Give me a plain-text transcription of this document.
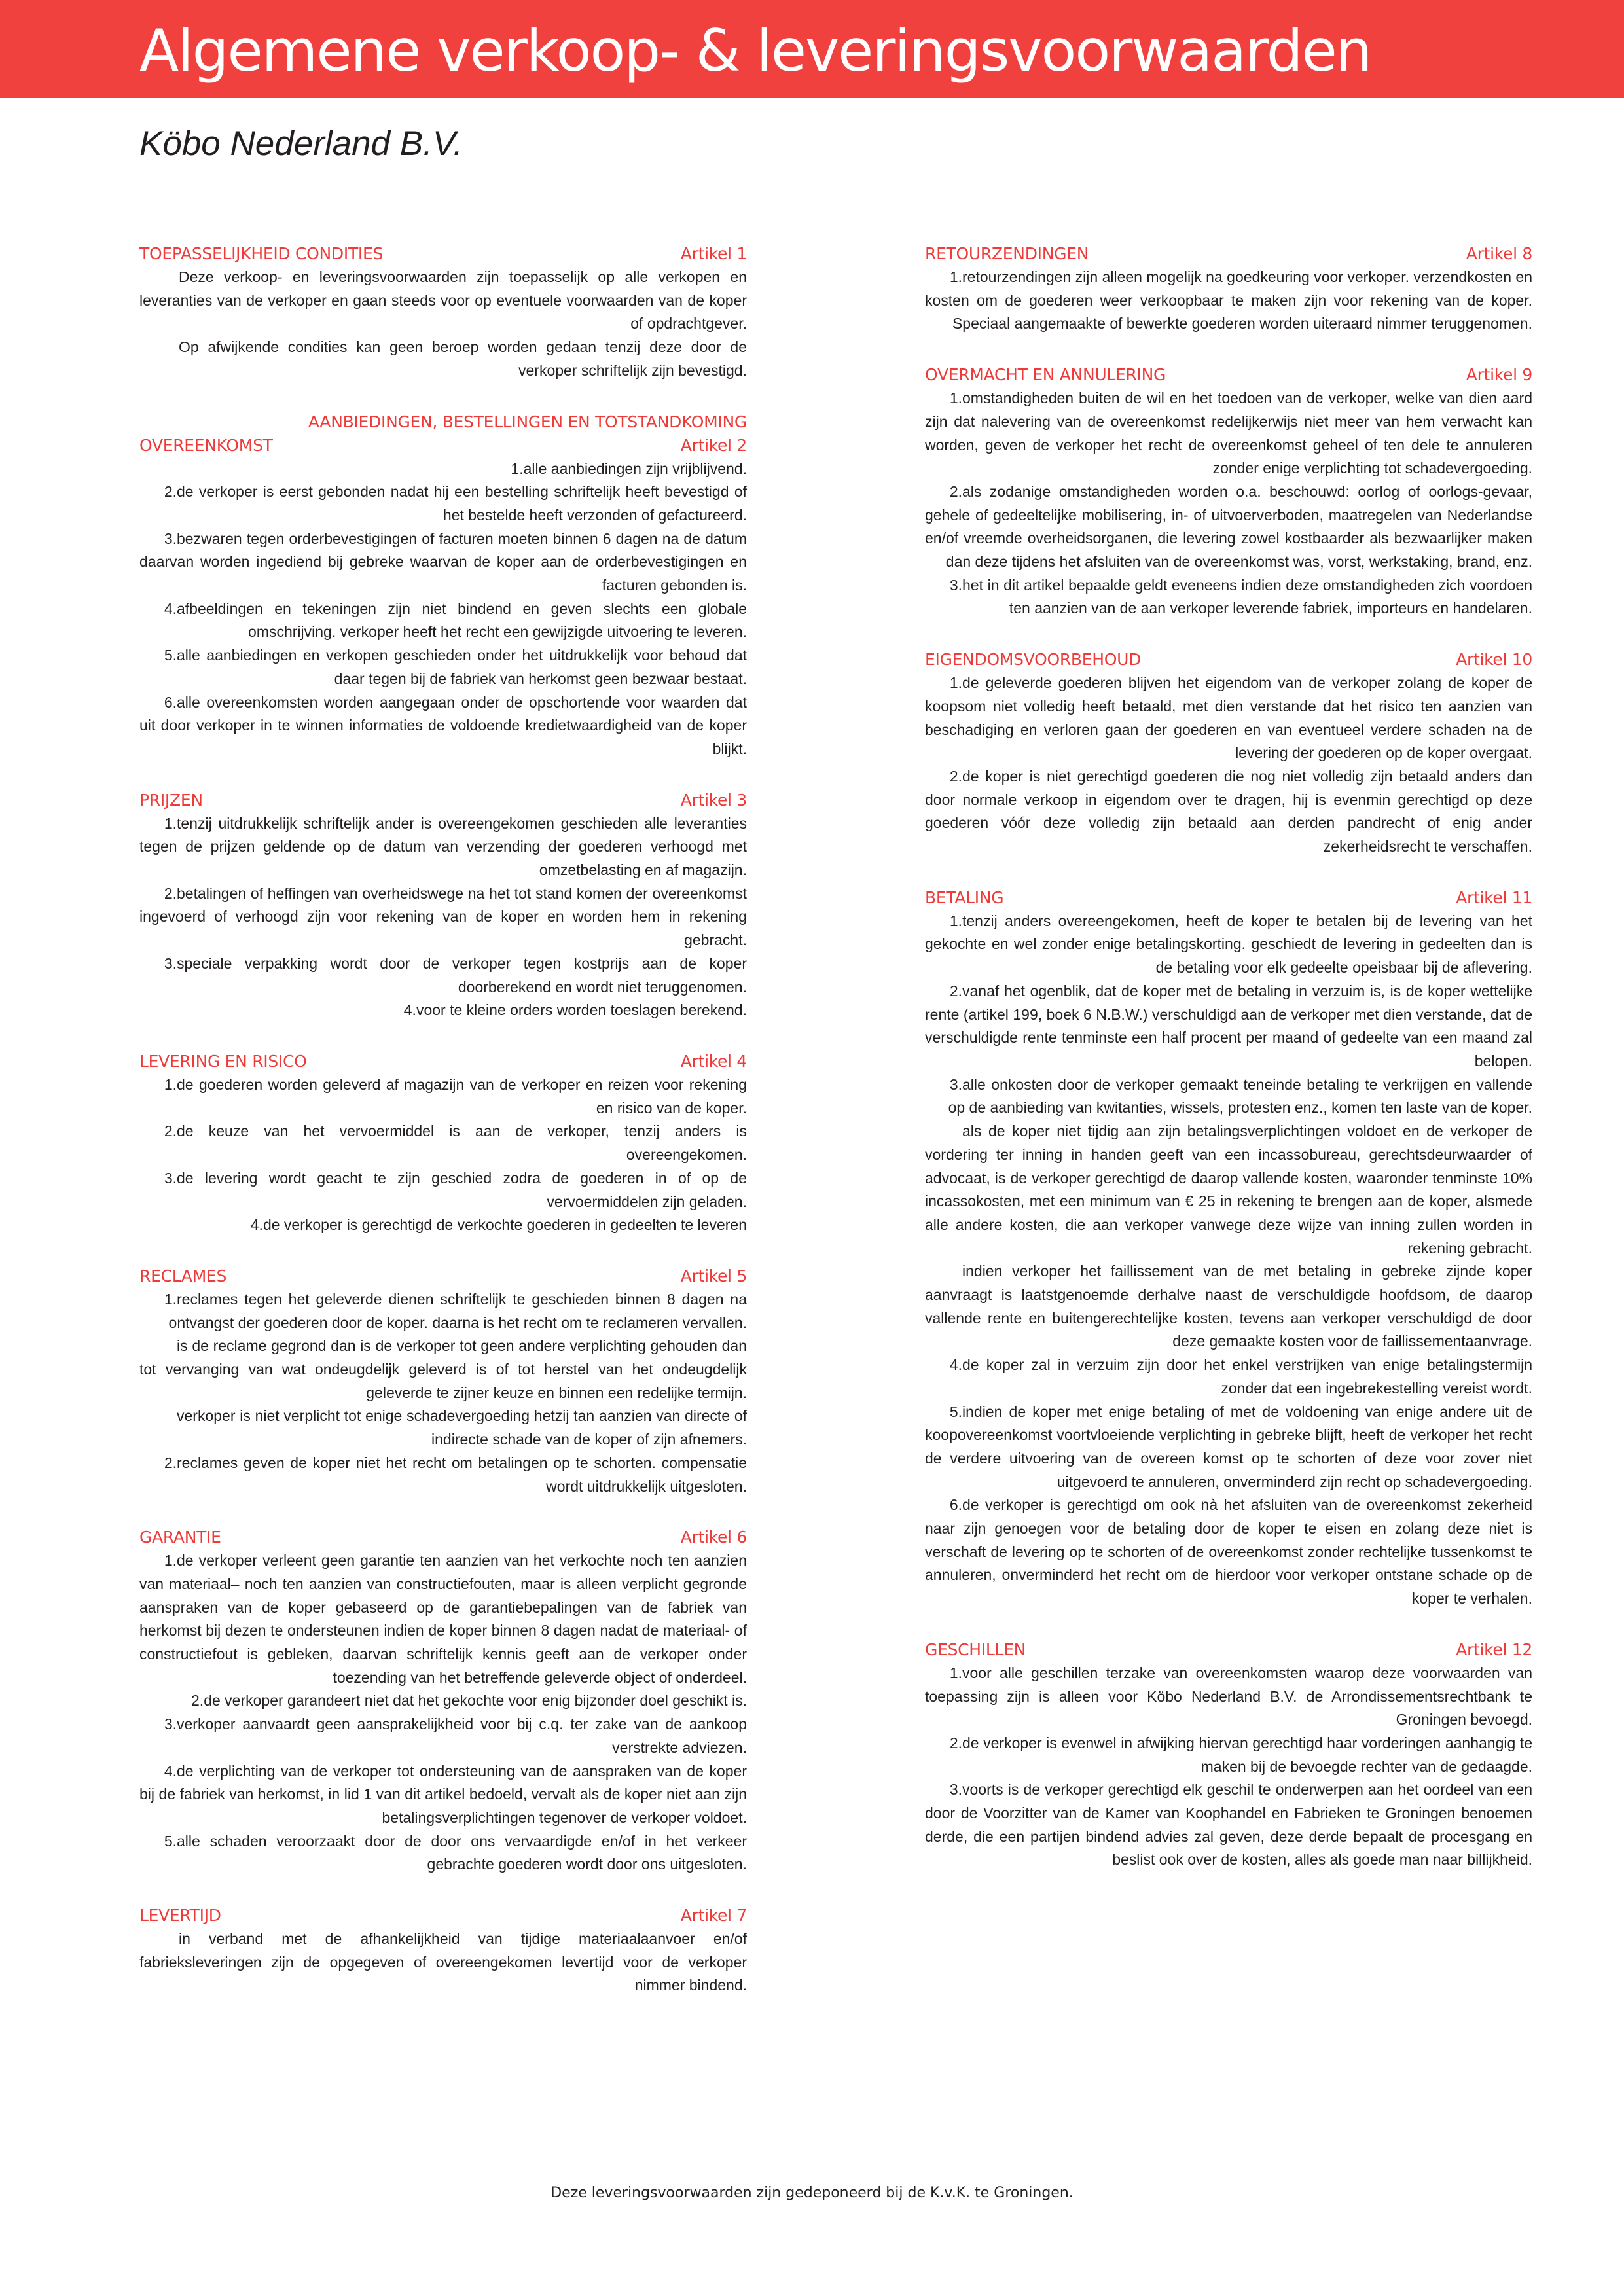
Algemene verkoop- & leveringsvoorwaarden
Köbo Nederland B.V.
TOEPASSELIJKHEID CONDITIES	Artikel 1

Deze verkoop- en leveringsvoorwaarden zijn toepasselijk op alle verkopen en leveranties van de verkoper en gaan steeds voor op eventuele voorwaarden van de koper of opdrachtgever.

Op afwijkende condities kan geen beroep worden gedaan tenzij deze door de verkoper schriftelijk zijn bevestigd.

AANBIEDINGEN, BESTELLINGEN EN TOTSTANDKOMING
OVEREENKOMST	Artikel 2

1.alle aanbiedingen zijn vrijblijvend.

2.de verkoper is eerst gebonden nadat hij een bestelling schriftelijk heeft bevestigd of het bestelde heeft verzonden of gefactureerd.

3.bezwaren tegen orderbevestigingen of facturen moeten binnen 6 dagen na de datum daarvan worden ingediend bij gebreke waarvan de koper aan de orderbevestigingen en facturen gebonden is.

4.afbeeldingen en tekeningen zijn niet bindend en geven slechts een globale omschrijving. verkoper heeft het recht een gewijzigde uitvoering te leveren.

5.alle aanbiedingen en verkopen geschieden onder het uitdrukkelijk voor behoud dat daar tegen bij de fabriek van herkomst geen bezwaar bestaat.

6.alle overeenkomsten worden aangegaan onder de opschortende voor waarden dat uit door verkoper in te winnen informaties de voldoende kredietwaardigheid van de koper blijkt.

PRIJZEN	Artikel 3

1.tenzij uitdrukkelijk schriftelijk ander is overeengekomen geschieden alle leveranties tegen de prijzen geldende op de datum van verzending der goederen verhoogd met omzetbelasting en af magazijn.

2.betalingen of heffingen van overheidswege na het tot stand komen der overeenkomst ingevoerd of verhoogd zijn voor rekening van de koper en worden hem in rekening gebracht.

3.speciale verpakking wordt door de verkoper tegen kostprijs aan de koper doorberekend en wordt niet teruggenomen.

4.voor te kleine orders worden toeslagen berekend.

LEVERING EN RISICO	Artikel 4

1.de goederen worden geleverd af magazijn van de verkoper en reizen voor rekening en risico van de koper.

2.de keuze van het vervoermiddel is aan de verkoper, tenzij anders is overeengekomen.

3.de levering wordt geacht te zijn geschied zodra de goederen in of op de vervoermiddelen zijn geladen.

4.de verkoper is gerechtigd de verkochte goederen in gedeelten te leveren

RECLAMES	Artikel 5

1.reclames tegen het geleverde dienen schriftelijk te geschieden binnen 8 dagen na ontvangst der goederen door de koper. daarna is het recht om te reclameren vervallen.

is de reclame gegrond dan is de verkoper tot geen andere verplichting gehouden dan tot vervanging van wat ondeugdelijk geleverd is of tot herstel van het ondeugdelijk geleverde te zijner keuze en binnen een redelijke termijn.

verkoper is niet verplicht tot enige schadevergoeding hetzij tan aanzien van directe of indirecte schade van de koper of zijn afnemers.

2.reclames geven de koper niet het recht om betalingen op te schorten. compensatie wordt uitdrukkelijk uitgesloten.

GARANTIE	Artikel 6

1.de verkoper verleent geen garantie ten aanzien van het verkochte noch ten aanzien van materiaal– noch ten aanzien van constructiefouten, maar is alleen verplicht gegronde aanspraken van de koper gebaseerd op de garantiebepalingen van de fabriek van herkomst bij dezen te ondersteunen indien de koper binnen 8 dagen nadat de materiaal- of constructiefout is gebleken, daarvan schriftelijk kennis geeft aan de verkoper onder toezending van het betreffende geleverde object of onderdeel.

2.de verkoper garandeert niet dat het gekochte voor enig bijzonder doel geschikt is.

3.verkoper aanvaardt geen aansprakelijkheid voor bij c.q. ter zake van de aankoop verstrekte adviezen.

4.de verplichting van de verkoper tot ondersteuning van de aanspraken van de koper bij de fabriek van herkomst, in lid 1 van dit artikel bedoeld, vervalt als de koper niet aan zijn betalingsverplichtingen tegenover de verkoper voldoet.

5.alle schaden veroorzaakt door de door ons vervaardigde en/of in het verkeer gebrachte goederen wordt door ons uitgesloten.

LEVERTIJD	Artikel 7

in verband met de afhankelijkheid van tijdige materiaalaanvoer en/of fabrieksleveringen zijn de opgegeven of overeengekomen levertijd voor de verkoper nimmer bindend.

RETOURZENDINGEN	Artikel 8

1.retourzendingen zijn alleen mogelijk na goedkeuring voor verkoper. verzendkosten en kosten om de goederen weer verkoopbaar te maken zijn voor rekening van de koper. Speciaal aangemaakte of bewerkte goederen worden uiteraard nimmer teruggenomen.

OVERMACHT EN ANNULERING	Artikel 9

1.omstandigheden buiten de wil en het toedoen van de verkoper, welke van dien aard zijn dat nalevering van de overeenkomst redelijkerwijs niet meer van hem verwacht kan worden, geven de verkoper het recht de overeenkomst geheel of ten dele te annuleren zonder enige verplichting tot schadevergoeding.

2.als zodanige omstandigheden worden o.a. beschouwd: oorlog of oorlogs-gevaar, gehele of gedeeltelijke mobilisering, in- of uitvoerverboden, maatregelen van Nederlandse en/of vreemde overheidsorganen, die levering zowel kostbaarder als bezwaarlijker maken dan deze tijdens het afsluiten van de overeenkomst was, vorst, werkstaking, brand, enz.

3.het in dit artikel bepaalde geldt eveneens indien deze omstandigheden zich voordoen ten aanzien van de aan verkoper leverende fabriek, importeurs en handelaren.

EIGENDOMSVOORBEHOUD	Artikel 10

1.de geleverde goederen blijven het eigendom van de verkoper zolang de koper de koopsom niet volledig heeft betaald, met dien verstande dat het risico ten aanzien van beschadiging en verloren gaan der goederen en van eventueel verdere schaden na de levering der goederen op de koper overgaat.

2.de koper is niet gerechtigd goederen die nog niet volledig zijn betaald anders dan door normale verkoop in eigendom over te dragen, hij is evenmin gerechtigd op deze goederen vóór deze volledig zijn betaald aan derden pandrecht of enig ander zekerheidsrecht te verschaffen.

BETALING	Artikel 11

1.tenzij anders overeengekomen, heeft de koper te betalen bij de levering van het gekochte en wel zonder enige betalingskorting. geschiedt de levering in gedeelten dan is de betaling voor elk gedeelte opeisbaar bij de aflevering.

2.vanaf het ogenblik, dat de koper met de betaling in verzuim is, is de koper wettelijke rente (artikel 199, boek 6 N.B.W.) verschuldigd aan de verkoper met dien verstande, dat de verschuldigde rente tenminste een half procent per maand of gedeelte van een maand zal belopen.

3.alle onkosten door de verkoper gemaakt teneinde betaling te verkrijgen en vallende op de aanbieding van kwitanties, wissels, protesten enz., komen ten laste van de koper.

als de koper niet tijdig aan zijn betalingsverplichtingen voldoet en de verkoper de vordering ter inning in handen geeft van een incassobureau, gerechtsdeurwaarder of advocaat, is de verkoper gerechtigd de daarop vallende kosten, waaronder tenminste 10% incassokosten, met een minimum van € 25 in rekening te brengen aan de koper, alsmede alle andere kosten, die aan verkoper vanwege deze wijze van inning zullen worden in rekening gebracht.

indien verkoper het faillissement van de met betaling in gebreke zijnde koper aanvraagt is laatstgenoemde derhalve naast de verschuldigde hoofdsom, de daarop vallende rente en buitengerechtelijke kosten, tevens aan verkoper verschuldigd de door deze gemaakte kosten voor de faillissementaanvrage.

4.de koper zal in verzuim zijn door het enkel verstrijken van enige betalingstermijn zonder dat een ingebrekestelling vereist wordt.

5.indien de koper met enige betaling of met de voldoening van enige andere uit de koopovereenkomst voortvloeiende verplichting in gebreke blijft, heeft de verkoper het recht de verdere uitvoering van de overeen komst op te schorten of deze voor zover niet uitgevoerd te annuleren, onverminderd zijn recht op schadevergoeding.

6.de verkoper is gerechtigd om ook nà het afsluiten van de overeenkomst zekerheid naar zijn genoegen voor de betaling door de koper te eisen en zolang deze niet is verschaft de levering op te schorten of de overeenkomst zonder rechtelijke tussenkomst te annuleren, onverminderd het recht om de hierdoor voor verkoper ontstane schade op de koper te verhalen.

GESCHILLEN	Artikel 12

1.voor alle geschillen terzake van overeenkomsten waarop deze voorwaarden van toepassing zijn is alleen voor Köbo Nederland B.V. de Arrondissementsrechtbank te Groningen bevoegd.

2.de verkoper is evenwel in afwijking hiervan gerechtigd haar vorderingen aanhangig te maken bij de bevoegde rechter van de gedaagde.

3.voorts is de verkoper gerechtigd elk geschil te onderwerpen aan het oordeel van een door de Voorzitter van de Kamer van Koophandel en Fabrieken te Groningen benoemen derde, die een partijen bindend advies zal geven, deze derde bepaalt de procesgang en beslist ook over de kosten, alles als goede man naar billijkheid.

Deze leveringsvoorwaarden zijn gedeponeerd bij de K.v.K. te Groningen.
